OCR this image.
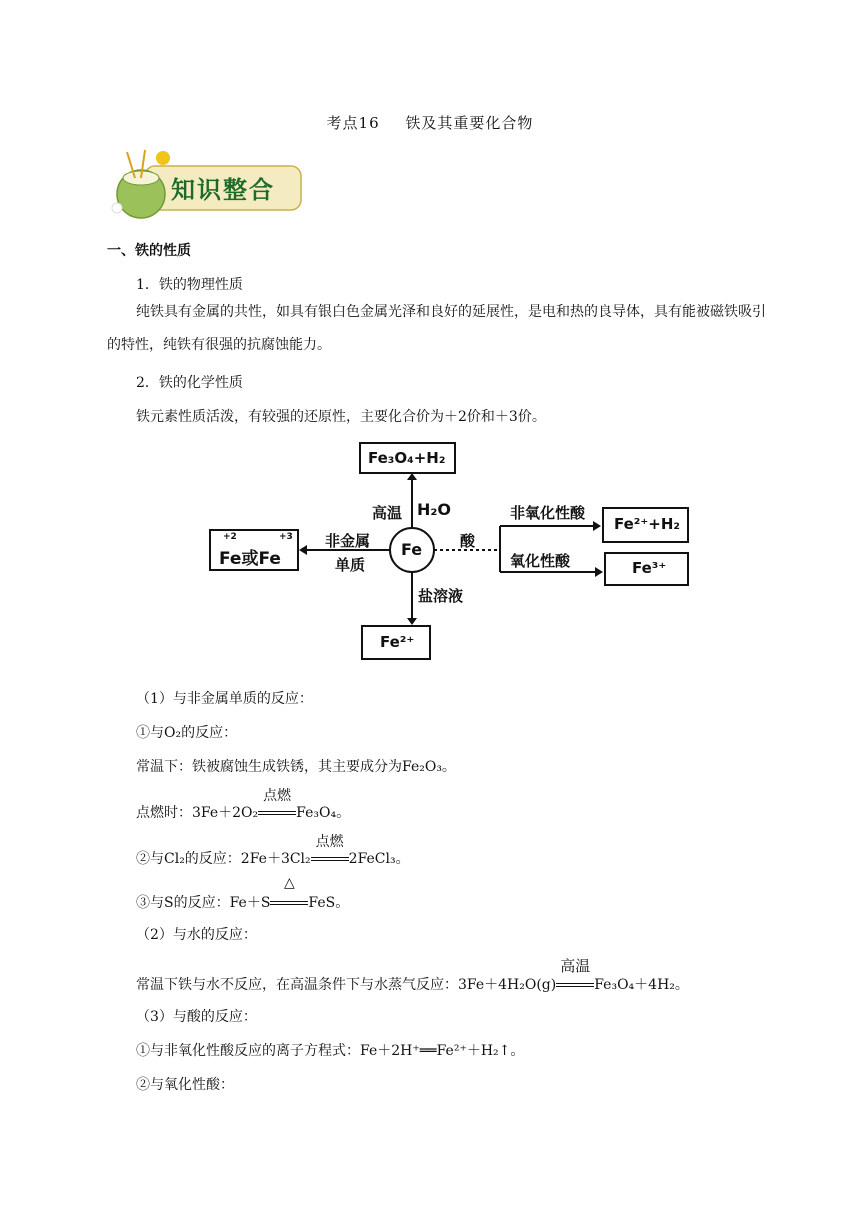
考点16 铁及其重要化合物
知识整合
一、铁的性质
1．铁的物理性质
纯铁具有金属的共性，如具有银白色金属光泽和良好的延展性，是电和热的良导体，具有能被磁铁吸引的特性，纯铁有很强的抗腐蚀能力。
2．铁的化学性质
铁元素性质活泼，有较强的还原性，主要化合价为＋2价和＋3价。
Fe
Fe₃O₄+H₂
高温 H₂O
Fe或Fe
+2	+3 非金属
单质
酸
盐溶液
Fe²⁺
非氧化性酸
Fe²⁺+H₂
氧化性酸	Fe³⁺
（1）与非金属单质的反应：
①与O₂的反应：
常温下：铁被腐蚀生成铁锈，其主要成分为Fe₂O₃。
点燃时：3Fe＋2O₂
点燃
Fe₃O₄。
②与Cl₂的反应：2Fe＋3Cl₂
点燃
2FeCl₃。
③与S的反应：Fe＋S
△
FeS。
（2）与水的反应：
常温下铁与水不反应，在高温条件下与水蒸气反应：3Fe＋4H₂O(g)
高温
Fe₃O₄＋4H₂。
（3）与酸的反应：
①与非氧化性酸反应的离子方程式：Fe＋2H⁺══Fe²⁺＋H₂↑。
②与氧化性酸：
